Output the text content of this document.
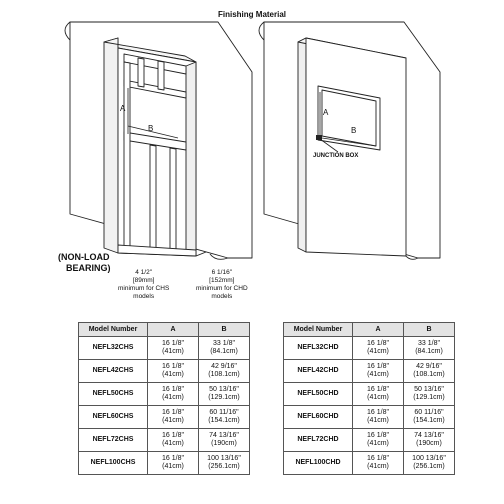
Finishing Material
A
B
A
B
JUNCTION BOX
(NON-LOAD
BEARING)	4 1/2"
[89mm]
minimum for CHS
models
6 1/16"
[152mm]
minimum for CHD
models
Model Number	A	B
NEFL32CHS	16 1/8"
(41cm)	33 1/8"
(84.1cm)

NEFL42CHS	16 1/8"
(41cm)	42 9/16"
(108.1cm)

NEFL50CHS	16 1/8"
(41cm)	50 13/16"
(129.1cm)

NEFL60CHS	16 1/8"
(41cm)	60 11/16"
(154.1cm)

NEFL72CHS	16 1/8"
(41cm)	74 13/16"
(190cm)

NEFL100CHS	16 1/8"
(41cm)	100 13/16"
(256.1cm)
Model Number	A	B
NEFL32CHD	16 1/8"
(41cm)	33 1/8"
(84.1cm)

NEFL42CHD	16 1/8"
(41cm)	42 9/16"
(108.1cm)

NEFL50CHD	16 1/8"
(41cm)	50 13/16"
(129.1cm)

NEFL60CHD	16 1/8"
(41cm)	60 11/16"
(154.1cm)

NEFL72CHD	16 1/8"
(41cm)	74 13/16"
(190cm)

NEFL100CHD	16 1/8"
(41cm)	100 13/16"
(256.1cm)
